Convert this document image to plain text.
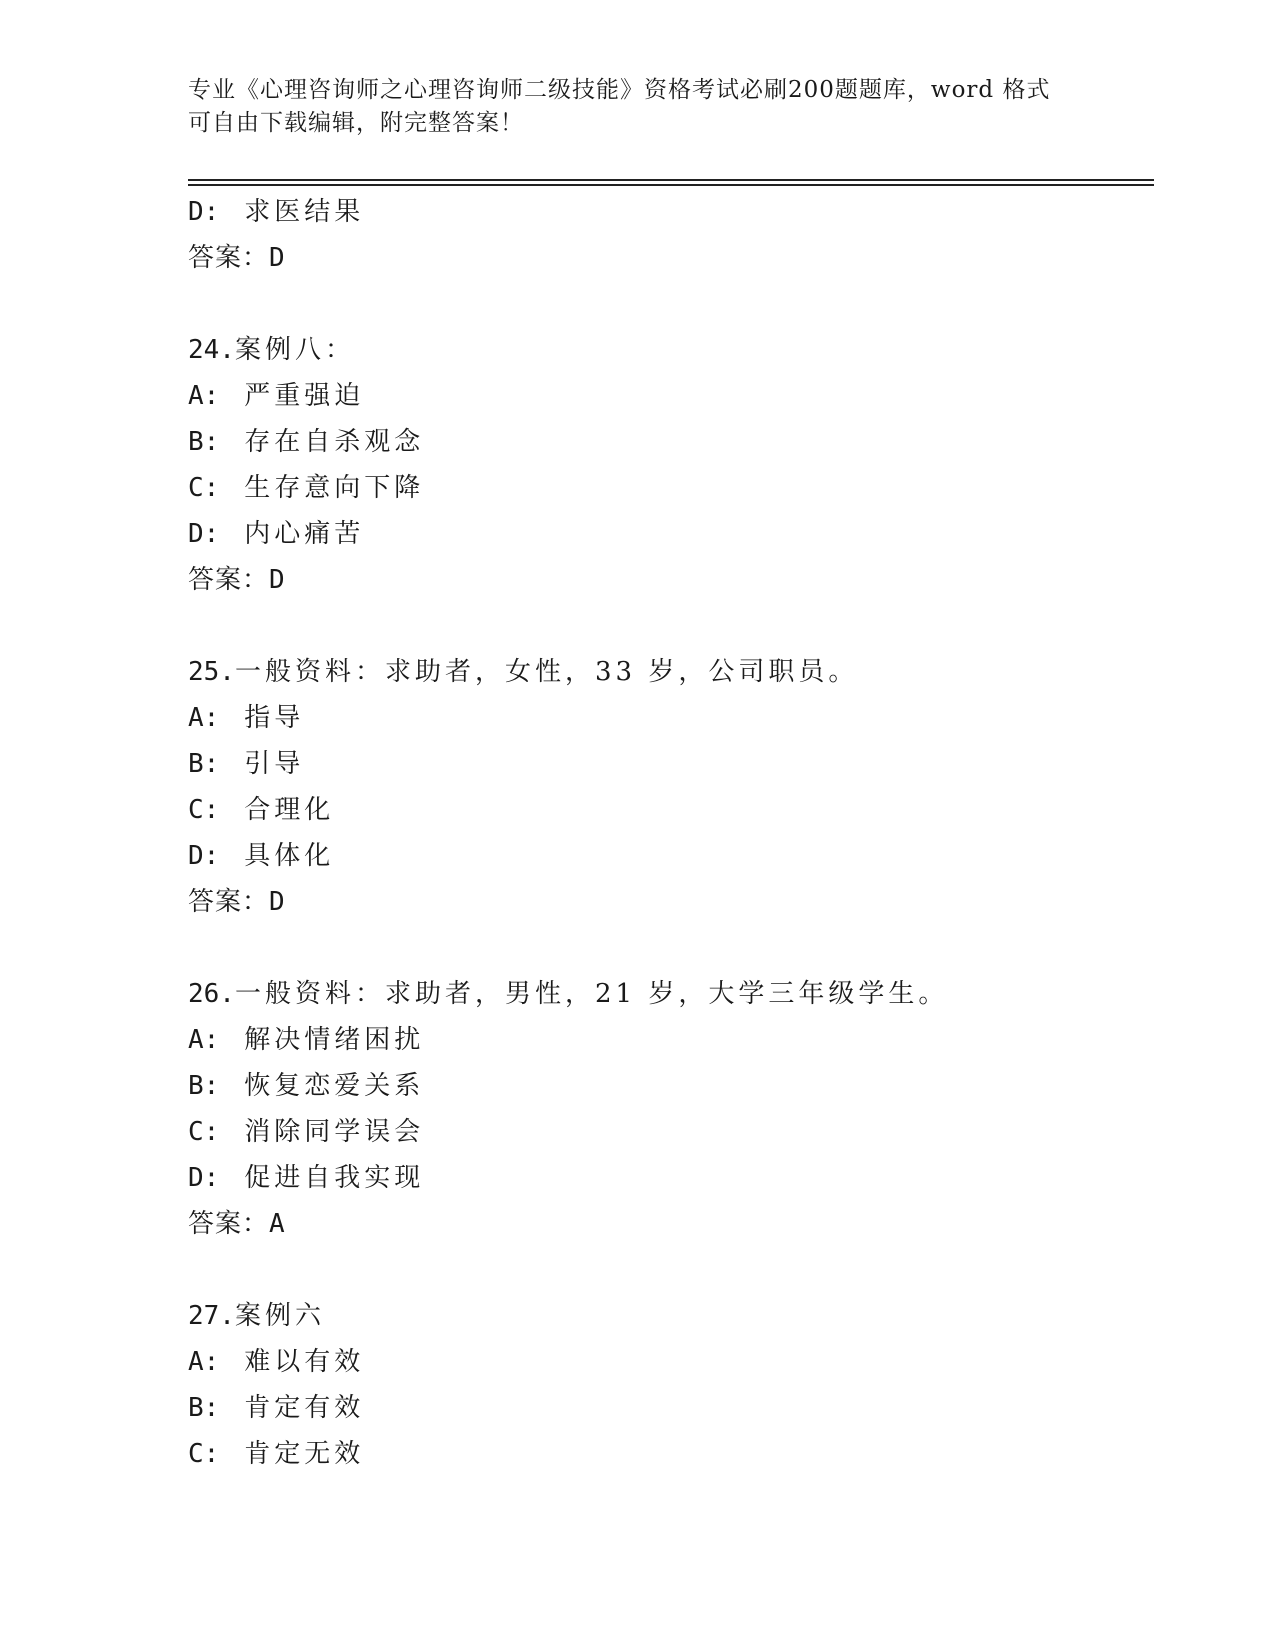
专业《心理咨询师之心理咨询师二级技能》资格考试必刷200题题库，word 格式
可自由下载编辑，附完整答案！
D: 求医结果
答案：D
24.案例八：
A: 严重强迫
B: 存在自杀观念
C: 生存意向下降
D: 内心痛苦
答案：D
25.一般资料：求助者，女性，33 岁，公司职员。
A: 指导
B: 引导
C: 合理化
D: 具体化
答案：D
26.一般资料：求助者，男性，21 岁，大学三年级学生。
A: 解决情绪困扰
B: 恢复恋爱关系
C: 消除同学误会
D: 促进自我实现
答案：A
27.案例六
A: 难以有效
B: 肯定有效
C: 肯定无效
